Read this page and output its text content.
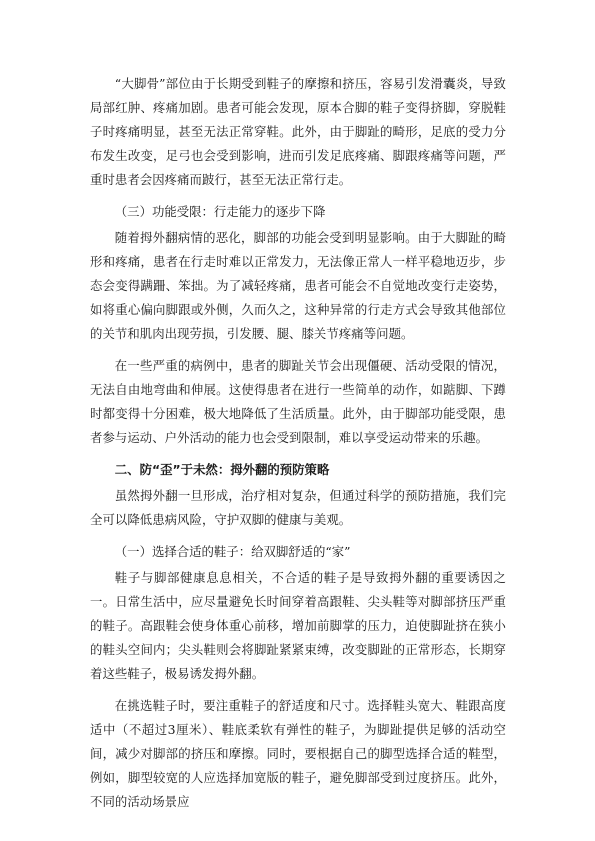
“大脚骨”部位由于长期受到鞋子的摩擦和挤压，容易引发滑囊炎，导致局部红肿、疼痛加剧。患者可能会发现，原本合脚的鞋子变得挤脚，穿脱鞋子时疼痛明显，甚至无法正常穿鞋。此外，由于脚趾的畸形，足底的受力分布发生改变，足弓也会受到影响，进而引发足底疼痛、脚跟疼痛等问题，严重时患者会因疼痛而跛行，甚至无法正常行走。

（三）功能受限：行走能力的逐步下降

随着拇外翻病情的恶化，脚部的功能会受到明显影响。由于大脚趾的畸形和疼痛，患者在行走时难以正常发力，无法像正常人一样平稳地迈步，步态会变得蹒跚、笨拙。为了减轻疼痛，患者可能会不自觉地改变行走姿势，如将重心偏向脚跟或外侧，久而久之，这种异常的行走方式会导致其他部位的关节和肌肉出现劳损，引发腰、腿、膝关节疼痛等问题。

在一些严重的病例中，患者的脚趾关节会出现僵硬、活动受限的情况，无法自由地弯曲和伸展。这使得患者在进行一些简单的动作，如踮脚、下蹲时都变得十分困难，极大地降低了生活质量。此外，由于脚部功能受限，患者参与运动、户外活动的能力也会受到限制，难以享受运动带来的乐趣。

二、防“歪”于未然：拇外翻的预防策略

虽然拇外翻一旦形成，治疗相对复杂，但通过科学的预防措施，我们完全可以降低患病风险，守护双脚的健康与美观。

（一）选择合适的鞋子：给双脚舒适的“家”

鞋子与脚部健康息息相关，不合适的鞋子是导致拇外翻的重要诱因之一。日常生活中，应尽量避免长时间穿着高跟鞋、尖头鞋等对脚部挤压严重的鞋子。高跟鞋会使身体重心前移，增加前脚掌的压力，迫使脚趾挤在狭小的鞋头空间内；尖头鞋则会将脚趾紧紧束缚，改变脚趾的正常形态，长期穿着这些鞋子，极易诱发拇外翻。

在挑选鞋子时，要注重鞋子的舒适度和尺寸。选择鞋头宽大、鞋跟高度适中（不超过3厘米）、鞋底柔软有弹性的鞋子，为脚趾提供足够的活动空间，减少对脚部的挤压和摩擦。同时，要根据自己的脚型选择合适的鞋型，例如，脚型较宽的人应选择加宽版的鞋子，避免脚部受到过度挤压。此外，不同的活动场景应
